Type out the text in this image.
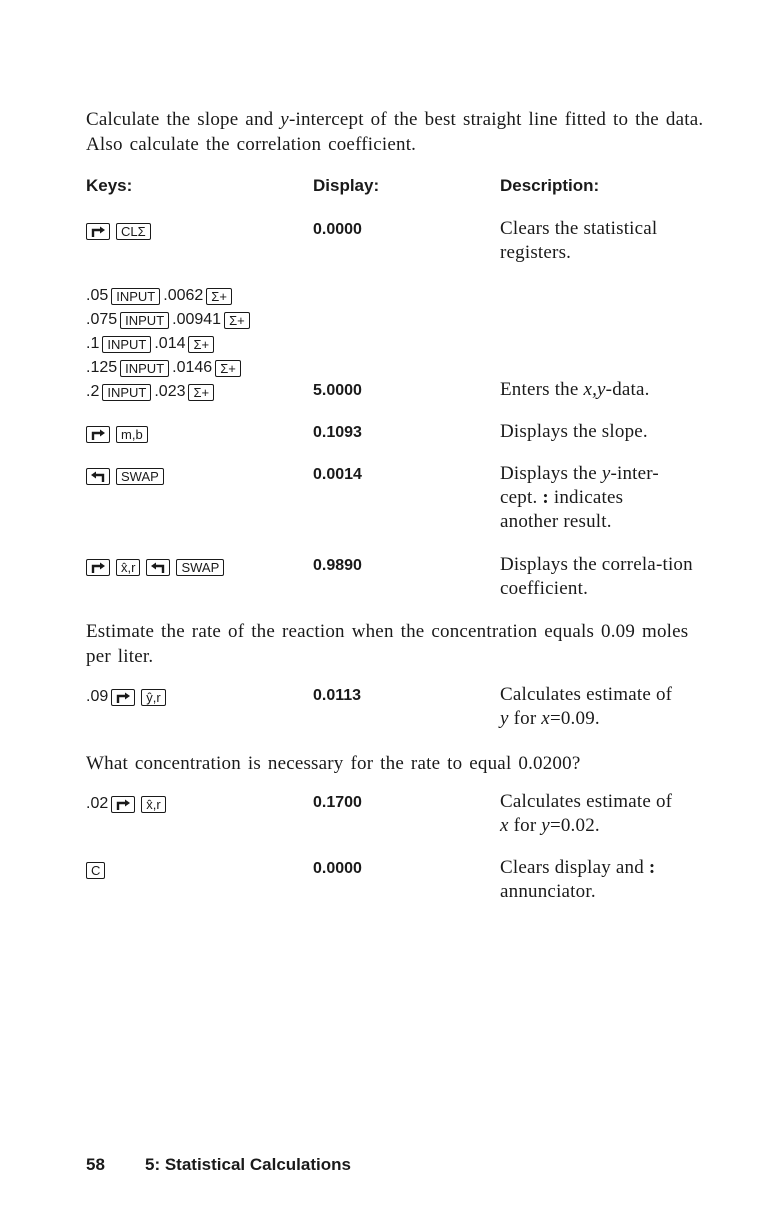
Calculate the slope and y-intercept of the best straight line fitted to the data. Also calculate the correlation coefficient.
Keys:	Display:	Description:
CLΣ	0.0000	Clears the statistical registers.
.05 INPUT .0062 Σ+
.075 INPUT .00941 Σ+
.1 INPUT .014 Σ+
.125 INPUT .0146 Σ+
.2 INPUT .023 Σ+	5.0000	Enters the x,y-data.
m,b	0.1093	Displays the slope.
SWAP	0.0014	Displays the y-inter-
cept. : indicates
another result.
x̂,r	SWAP	0.9890	Displays the correla-tion coefficient.
Estimate the rate of the reaction when the concentration equals 0.09 moles per liter.
.09	ŷ,r	0.0113	Calculates estimate of
y for x=0.09.
What concentration is necessary for the rate to equal 0.0200?
.02	x̂,r	0.1700	Calculates estimate of
x for y=0.02.
C	0.0000	Clears display and :
annunciator.
58 5: Statistical Calculations
